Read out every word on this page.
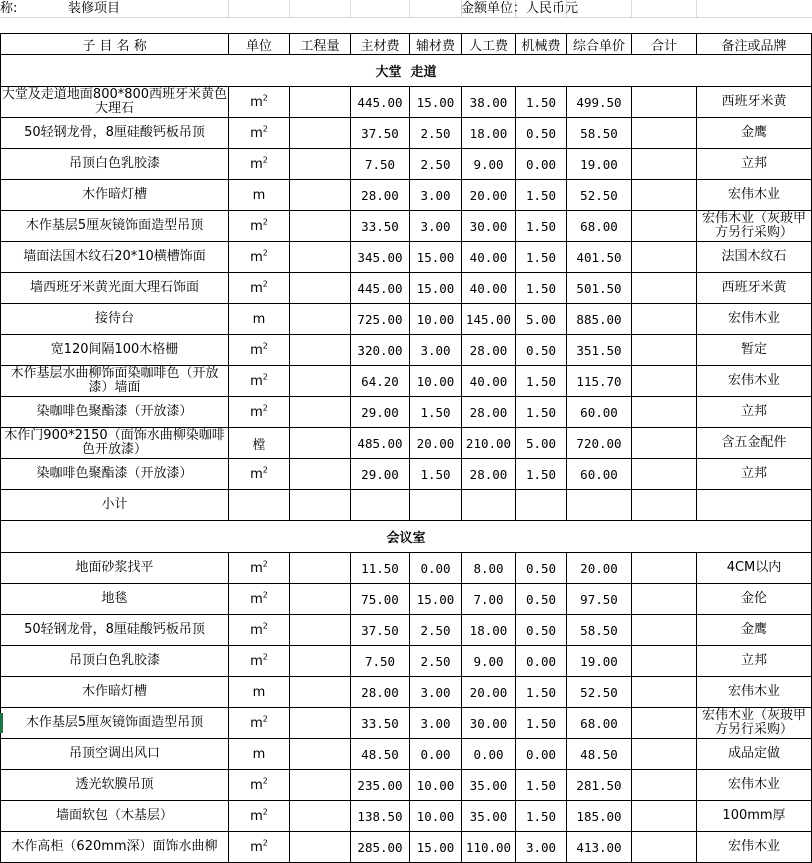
称:	装修项目	金额单位：人民币元
子 目 名 称	单位	工程量	主材费	辅材费	人工费	机械费	综合单价	合计	备注或品牌
大堂  走道									
大堂及走道地面800*800西班牙米黄色大理石	$m^2$		445.00	15.00	38.00	1.50	499.50		西班牙米黄
50轻钢龙骨，8厘硅酸钙板吊顶	$m^2$		37.50	2.50	18.00	0.50	58.50		金鹰
吊顶白色乳胶漆	$m^2$		7.50	2.50	9.00	0.00	19.00		立邦
木作暗灯槽	m		28.00	3.00	20.00	1.50	52.50		宏伟木业
木作基层5厘灰镜饰面造型吊顶	$m^2$		33.50	3.00	30.00	1.50	68.00		宏伟木业（灰玻甲方另行采购）
墙面法国木纹石20*10横槽饰面	$m^2$		345.00	15.00	40.00	1.50	401.50		法国木纹石
墙西班牙米黄光面大理石饰面	$m^2$		445.00	15.00	40.00	1.50	501.50		西班牙米黄
接待台	m		725.00	10.00	145.00	5.00	885.00		宏伟木业
宽120间隔100木格栅	$m^2$		320.00	3.00	28.00	0.50	351.50		暂定
木作基层水曲柳饰面染咖啡色（开放漆）墙面	$m^2$		64.20	10.00	40.00	1.50	115.70		宏伟木业
染咖啡色聚酯漆（开放漆）	$m^2$		29.00	1.50	28.00	1.50	60.00		立邦
木作门900*2150（面饰水曲柳染咖啡色开放漆）	樘		485.00	20.00	210.00	5.00	720.00		含五金配件
染咖啡色聚酯漆（开放漆）	$m^2$		29.00	1.50	28.00	1.50	60.00		立邦
小计									
会议室									
地面砂浆找平	$m^2$		11.50	0.00	8.00	0.50	20.00		4CM以内
地毯	$m^2$		75.00	15.00	7.00	0.50	97.50		金伦
50轻钢龙骨，8厘硅酸钙板吊顶	$m^2$		37.50	2.50	18.00	0.50	58.50		金鹰
吊顶白色乳胶漆	$m^2$		7.50	2.50	9.00	0.00	19.00		立邦
木作暗灯槽	m		28.00	3.00	20.00	1.50	52.50		宏伟木业
木作基层5厘灰镜饰面造型吊顶	$m^2$		33.50	3.00	30.00	1.50	68.00		宏伟木业（灰玻甲方另行采购）
吊顶空调出风口	m		48.50	0.00	0.00	0.00	48.50		成品定做
透光软膜吊顶	$m^2$		235.00	10.00	35.00	1.50	281.50		宏伟木业
墙面软包（木基层）	$m^2$		138.50	10.00	35.00	1.50	185.00		100mm厚
木作高柜（620mm深）面饰水曲柳	$m^2$		285.00	15.00	110.00	3.00	413.00		宏伟木业
